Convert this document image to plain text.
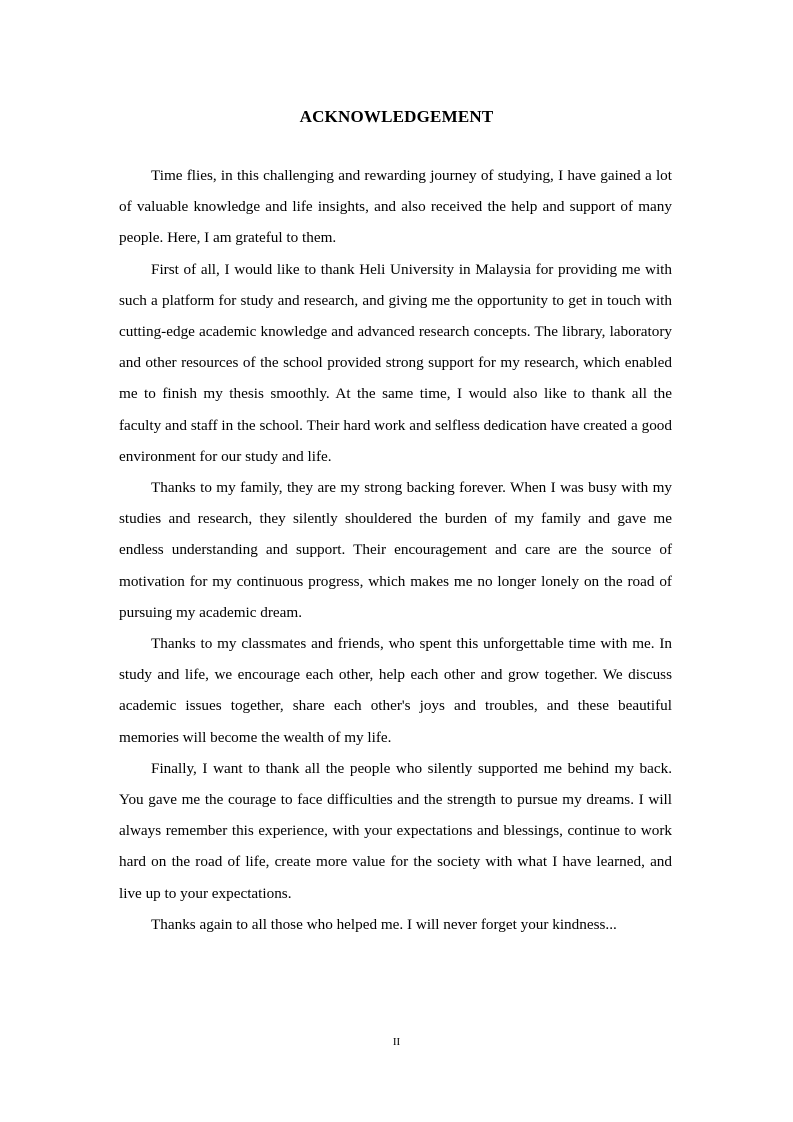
ACKNOWLEDGEMENT

Time flies, in this challenging and rewarding journey of studying, I have gained a lot of valuable knowledge and life insights, and also received the help and support of many people. Here, I am grateful to them.

First of all, I would like to thank Heli University in Malaysia for providing me with such a platform for study and research, and giving me the opportunity to get in touch with cutting-edge academic knowledge and advanced research concepts. The library, laboratory and other resources of the school provided strong support for my research, which enabled me to finish my thesis smoothly. At the same time, I would also like to thank all the faculty and staff in the school. Their hard work and selfless dedication have created a good environment for our study and life.

Thanks to my family, they are my strong backing forever. When I was busy with my studies and research, they silently shouldered the burden of my family and gave me endless understanding and support. Their encouragement and care are the source of motivation for my continuous progress, which makes me no longer lonely on the road of pursuing my academic dream.

Thanks to my classmates and friends, who spent this unforgettable time with me. In study and life, we encourage each other, help each other and grow together. We discuss academic issues together, share each other's joys and troubles, and these beautiful memories will become the wealth of my life.

Finally, I want to thank all the people who silently supported me behind my back. You gave me the courage to face difficulties and the strength to pursue my dreams. I will always remember this experience, with your expectations and blessings, continue to work hard on the road of life, create more value for the society with what I have learned, and live up to your expectations.

Thanks again to all those who helped me. I will never forget your kindness...

II
